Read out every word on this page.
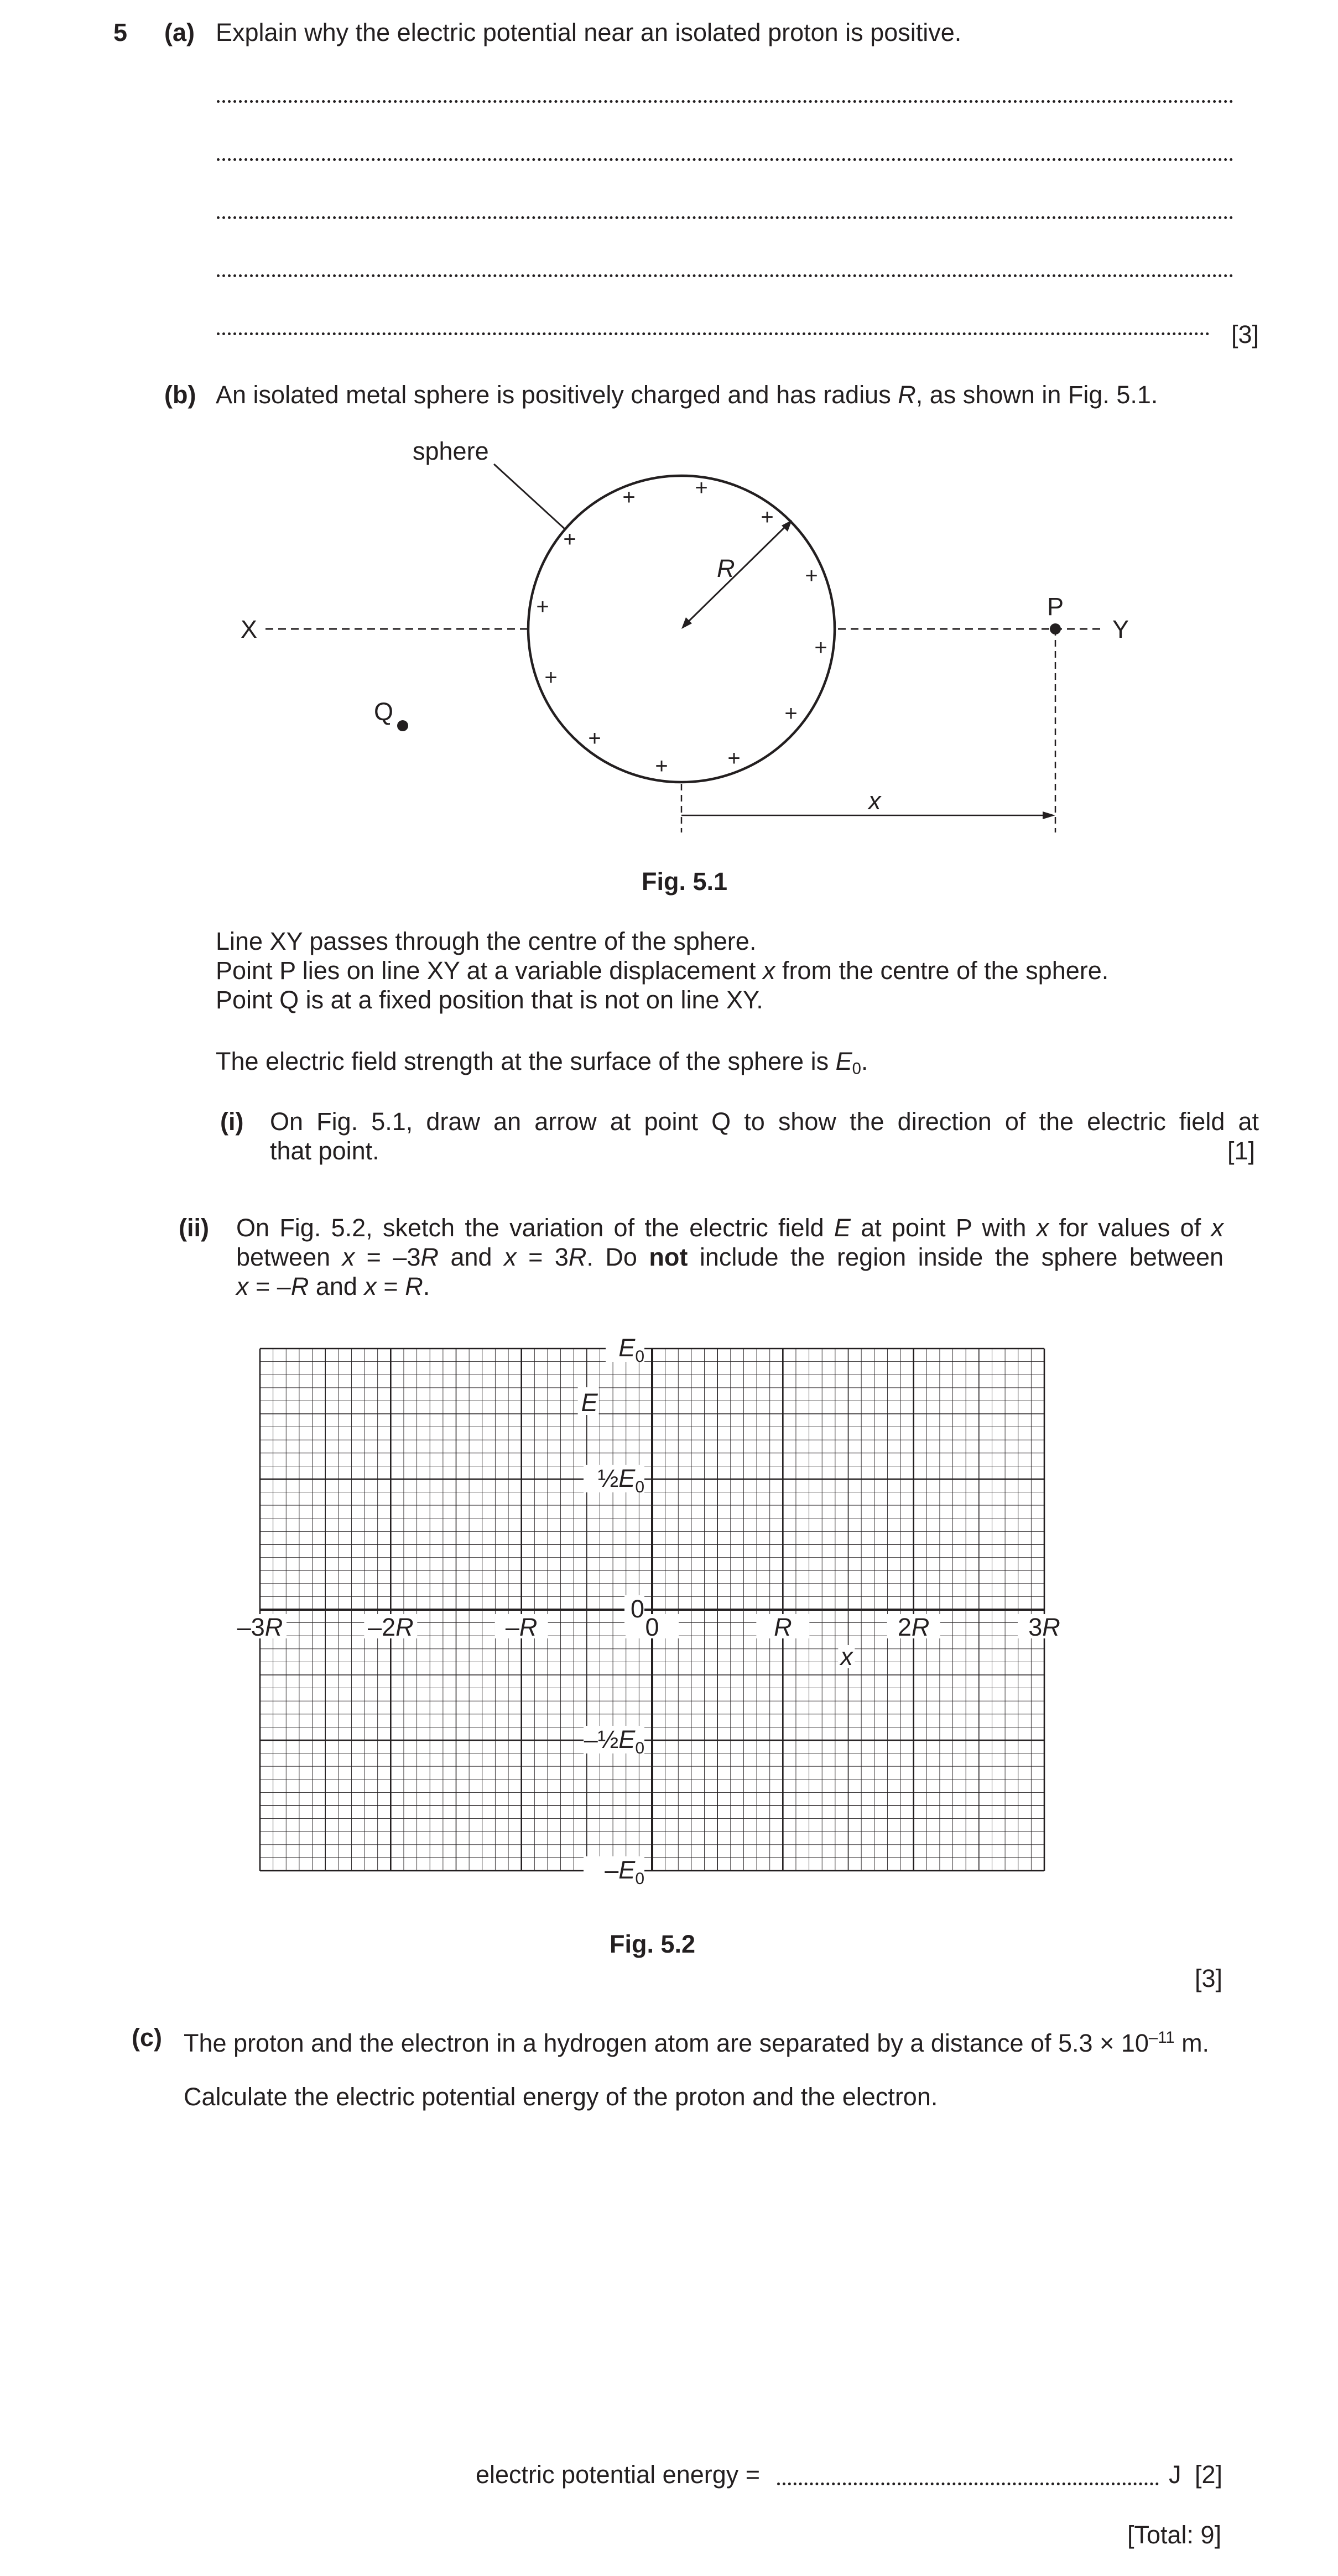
5 (a) Explain why the electric potential near an isolated proton is positive.
[3]
(b) An isolated metal sphere is positively charged and has radius R, as shown in Fig. 5.1.
+	+
+
+
+
+
+
+
+
+
+
+
sphere
R
X	Y
P
Q
x
Fig. 5.1
Line XY passes through the centre of the sphere.
Point P lies on line XY at a variable displacement x from the centre of the sphere.
Point Q is at a fixed position that is not on line XY.
The electric field strength at the surface of the sphere is $E_0$.
(i) On Fig. 5.1, draw an arrow at point Q to show the direction of the electric field at
that point.	[1]
(ii) On Fig. 5.2, sketch the variation of the electric field E at point P with x for values of x
between x = –3R and x = 3R. Do not include the region inside the sphere between
x = –R and x = R.
–3R	–2R	–R	0	R	2R	3R
$E_0$
$\frac{1}{2}E_0$
0
$-\frac{1}{2}E_0$
$-E_0$
E
x
Fig. 5.2
[3]
(c) The proton and the electron in a hydrogen atom are separated by a distance of $5.3 \times 10^{-11}$ m.
Calculate the electric potential energy of the proton and the electron.
electric potential energy =	J [2]
[Total: 9]
